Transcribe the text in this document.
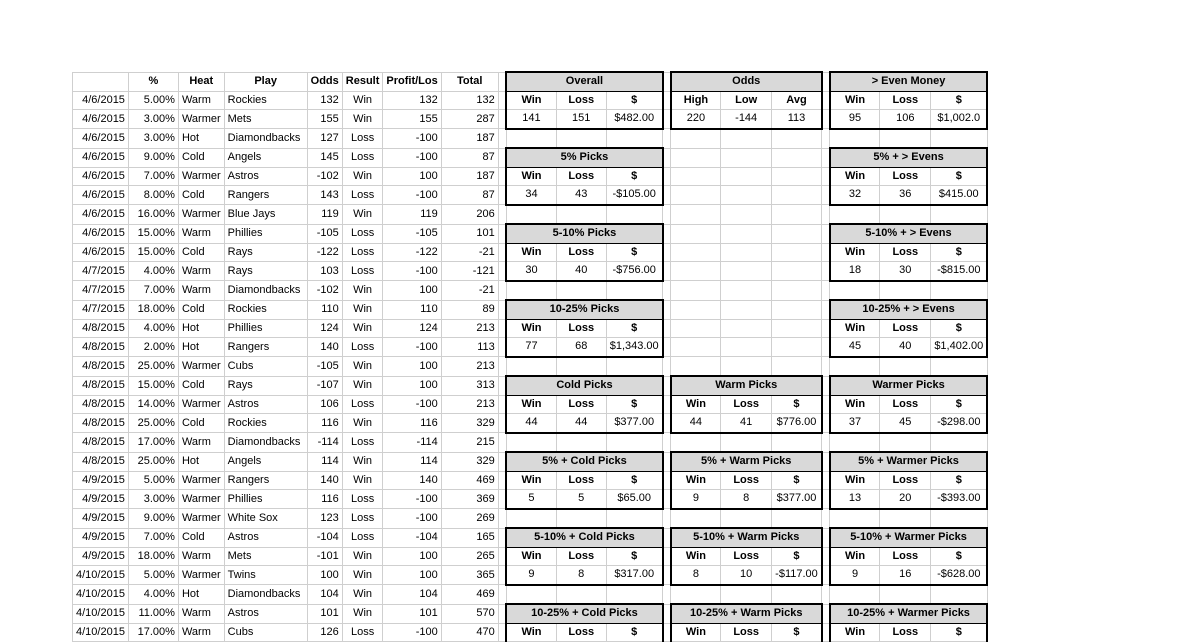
	%	Heat	Play	Odds	Result	Profit/Los	Total		Overall				Odds				> Even Money		
4/6/2015	5.00%	Warm	Rockies	132	Win	132	132		Win	Loss	$		High	Low	Avg		Win	Loss	$
4/6/2015	3.00%	Warmer	Mets	155	Win	155	287		141	151	$482.00		220	-144	113		95	106	$1,002.0
4/6/2015	3.00%	Hot	Diamondbacks	127	Loss	-100	187												
4/6/2015	9.00%	Cold	Angels	145	Loss	-100	87		5% Picks								5% + > Evens		
4/6/2015	7.00%	Warmer	Astros	-102	Win	100	187		Win	Loss	$						Win	Loss	$
4/6/2015	8.00%	Cold	Rangers	143	Loss	-100	87		34	43	-$105.00						32	36	$415.00
4/6/2015	16.00%	Warmer	Blue Jays	119	Win	119	206												
4/6/2015	15.00%	Warm	Phillies	-105	Loss	-105	101		5-10% Picks								5-10% + > Evens		
4/6/2015	15.00%	Cold	Rays	-122	Loss	-122	-21		Win	Loss	$						Win	Loss	$
4/7/2015	4.00%	Warm	Rays	103	Loss	-100	-121		30	40	-$756.00						18	30	-$815.00
4/7/2015	7.00%	Warm	Diamondbacks	-102	Win	100	-21												
4/7/2015	18.00%	Cold	Rockies	110	Win	110	89		10-25% Picks								10-25% + > Evens		
4/8/2015	4.00%	Hot	Phillies	124	Win	124	213		Win	Loss	$						Win	Loss	$
4/8/2015	2.00%	Hot	Rangers	140	Loss	-100	113		77	68	$1,343.00						45	40	$1,402.00
4/8/2015	25.00%	Warmer	Cubs	-105	Win	100	213												
4/8/2015	15.00%	Cold	Rays	-107	Win	100	313		Cold Picks				Warm Picks				Warmer Picks		
4/8/2015	14.00%	Warmer	Astros	106	Loss	-100	213		Win	Loss	$		Win	Loss	$		Win	Loss	$
4/8/2015	25.00%	Cold	Rockies	116	Win	116	329		44	44	$377.00		44	41	$776.00		37	45	-$298.00
4/8/2015	17.00%	Warm	Diamondbacks	-114	Loss	-114	215												
4/8/2015	25.00%	Hot	Angels	114	Win	114	329		5% + Cold Picks				5% + Warm Picks				5% + Warmer Picks		
4/9/2015	5.00%	Warmer	Rangers	140	Win	140	469		Win	Loss	$		Win	Loss	$		Win	Loss	$
4/9/2015	3.00%	Warmer	Phillies	116	Loss	-100	369		5	5	$65.00		9	8	$377.00		13	20	-$393.00
4/9/2015	9.00%	Warmer	White Sox	123	Loss	-100	269												
4/9/2015	7.00%	Cold	Astros	-104	Loss	-104	165		5-10% + Cold Picks				5-10% + Warm Picks				5-10% + Warmer Picks		
4/9/2015	18.00%	Warm	Mets	-101	Win	100	265		Win	Loss	$		Win	Loss	$		Win	Loss	$
4/10/2015	5.00%	Warmer	Twins	100	Win	100	365		9	8	$317.00		8	10	-$117.00		9	16	-$628.00
4/10/2015	4.00%	Hot	Diamondbacks	104	Win	104	469												
4/10/2015	11.00%	Warm	Astros	101	Win	101	570		10-25% + Cold Picks				10-25% + Warm Picks				10-25% + Warmer Picks		
4/10/2015	17.00%	Warm	Cubs	126	Loss	-100	470		Win	Loss	$		Win	Loss	$		Win	Loss	$
